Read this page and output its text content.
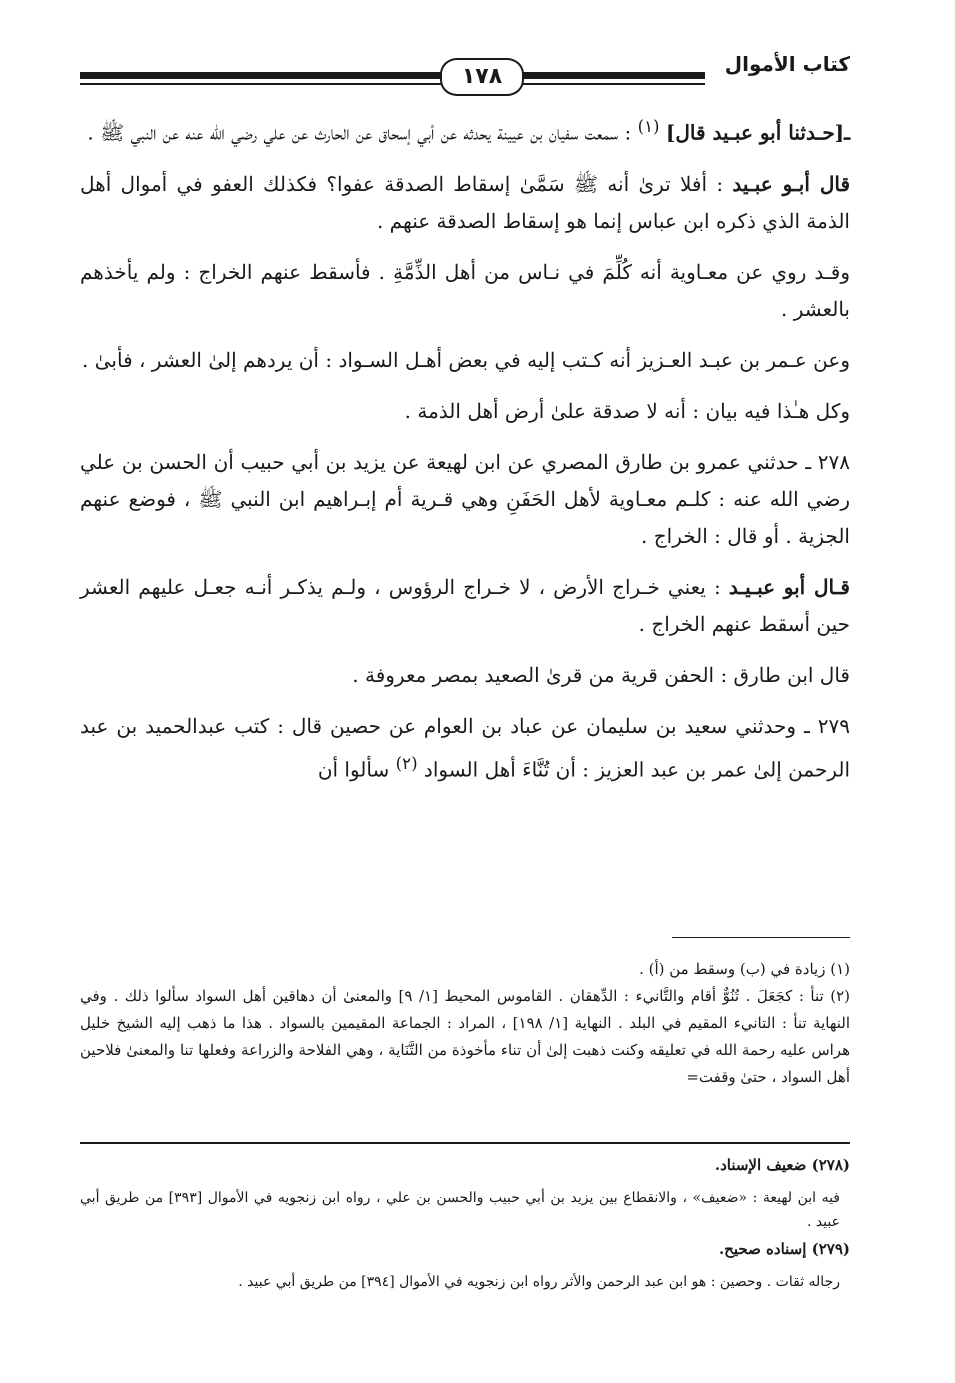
كتاب الأموال
١٧٨

ـ[حـدثنا أبو عبـيد قال] $^{(١)}$ : سمعت سفيان بن عيينة يحدثه عن أبي إسحاق عن الحارث عن علي رضي الله عنه عن النبي ﷺ .

قال أبـو عبـيد : أفلا ترىٰ أنه ﷺ سَمَّىٰ إسقاط الصدقة عفوا؟ فكذلك العفو في أموال أهل الذمة الذي ذكره ابن عباس إنما هو إسقاط الصدقة عنهم .

وقـد روي عن معـاوية أنه كُلِّمَ في نـاس من أهل الذِّمَّةِ . فأسقط عنهم الخراج : ولم يأخذهم بالعشر .

وعن عـمر بن عبـد العـزيز أنه كـتب إليه في بعض أهـل السـواد : أن يردهم إلىٰ العشر ، فأبىٰ .

وكل هـٰذا فيه بيان : أنه لا صدقة علىٰ أرض أهل الذمة .

٢٧٨ ـ حدثني عمرو بن طارق المصري عن ابن لهيعة عن يزيد بن أبي حبيب أن الحسن بن علي رضي الله عنه : كلـم معـاوية لأهل الحَفَنِ وهي قـرية أم إبـراهيم ابن النبي ﷺ ، فوضع عنهم الجزية . أو قال : الخراج .

قـال أبو عبـيـد : يعني خـراج الأرض ، لا خـراج الرؤوس ، ولـم يذكـر أنـه جعـل عليهم العشر حين أسقط عنهم الخراج .

قال ابن طارق : الحفن قرية من قرىٰ الصعيد بمصر معروفة .

٢٧٩ ـ وحدثني سعيد بن سليمان عن عباد بن العوام عن حصين قال : كتب عبدالحميد بن عبد الرحمن إلىٰ عمر بن عبد العزيز : أن تُنَّاءَ أهل السواد $^{(٢)}$ سألوا أن

(١) زيادة في (ب) وسقط من (أ) .

(٢) تنأ : كجَعَلَ . تُنُوٌّ أقام والتَّانيء : الدِّهقان . القاموس المحيط [١/ ٩] والمعنىٰ أن دهاقين أهل السواد سألوا ذلك . وفي النهاية تنأ : التانيء المقيم في البلد . النهاية [١/ ١٩٨] ، المراد : الجماعة المقيمين بالسواد . هذا ما ذهب إليه الشيخ خليل هراس عليه رحمة الله في تعليقه وكنت ذهبت إلىٰ أن تناء مأخوذة من التَّنَاية ، وهي الفلاحة والزراعة وفعلها تنا والمعنىٰ فلاحين أهل السواد ، حتىٰ وقفت=

(٢٧٨) ضعيف الإسناد.

فيه ابن لهيعة : «ضعيف» ، والانقطاع بين يزيد بن أبي حبيب والحسن بن علي ، رواه ابن زنجويه في الأموال [٣٩٣] من طريق أبي عبيد .

(٢٧٩) إسناده صحيح.

رجاله ثقات . وحصين : هو ابن عبد الرحمن والأثر رواه ابن زنجويه في الأموال [٣٩٤] من طريق أبي عبيد .
